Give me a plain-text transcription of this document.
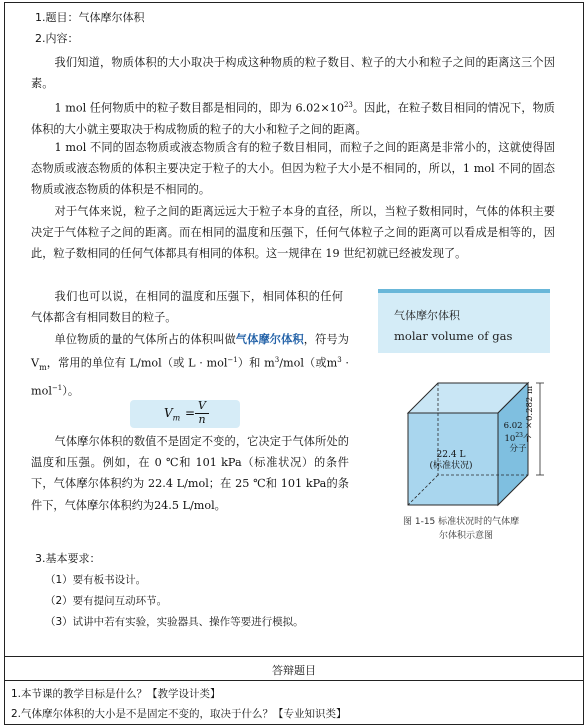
1.题目：气体摩尔体积
2.内容：

我们知道，物质体积的大小取决于构成这种物质的粒子数目、粒子的大小和粒子之间的距离这三个因素。

1 mol 任何物质中的粒子数目都是相同的，即为 $6.02\times 10^{23}$。因此，在粒子数目相同的情况下，物质体积的大小就主要取决于构成物质的粒子的大小和粒子之间的距离。

1 mol 不同的固态物质或液态物质含有的粒子数目相同，而粒子之间的距离是非常小的，这就使得固态物质或液态物质的体积主要决定于粒子的大小。但因为粒子大小是不相同的，所以，1 mol 不同的固态物质或液态物质的体积是不相同的。

对于气体来说，粒子之间的距离远远大于粒子本身的直径，所以，当粒子数相同时，气体的体积主要决定于气体粒子之间的距离。而在相同的温度和压强下，任何气体粒子之间的距离可以看成是相等的，因此，粒子数相同的任何气体都具有相同的体积。这一规律在 19 世纪初就已经被发现了。

我们也可以说，在相同的温度和压强下，相同体积的任何气体都含有相同数目的粒子。	气体摩尔体积
molar volume of gas

单位物质的量的气体所占的体积叫做气体摩尔体积，符号为 $V_m$，常用的单位有 L/mol（或 L · mol$^{-1}$）和 $m^3/mol$（或$m^3 \cdot mol^{-1}$）。

$V_m$ =
V
n

气体摩尔体积的数值不是固定不变的，它决定于气体所处的温度和压强。例如，在 0 ℃和 101 kPa（标准状况）的条件下，气体摩尔体积约为 22.4 L/mol；在 25 ℃和 101 kPa的条件下，气体摩尔体积约为24.5 L/mol。

22.4 L
(标准状况)
6.02 ×
$10^{23}$个
分子
0.282 m
图 1-15 标准状况时的气体摩
尔体积示意图
3.基本要求：
（1）要有板书设计。
（2）要有提问互动环节。
（3）试讲中若有实验，实验器具、操作等要进行模拟。
答辩题目
1.本节课的教学目标是什么？【教学设计类】
2.气体摩尔体积的大小是不是固定不变的，取决于什么？【专业知识类】
